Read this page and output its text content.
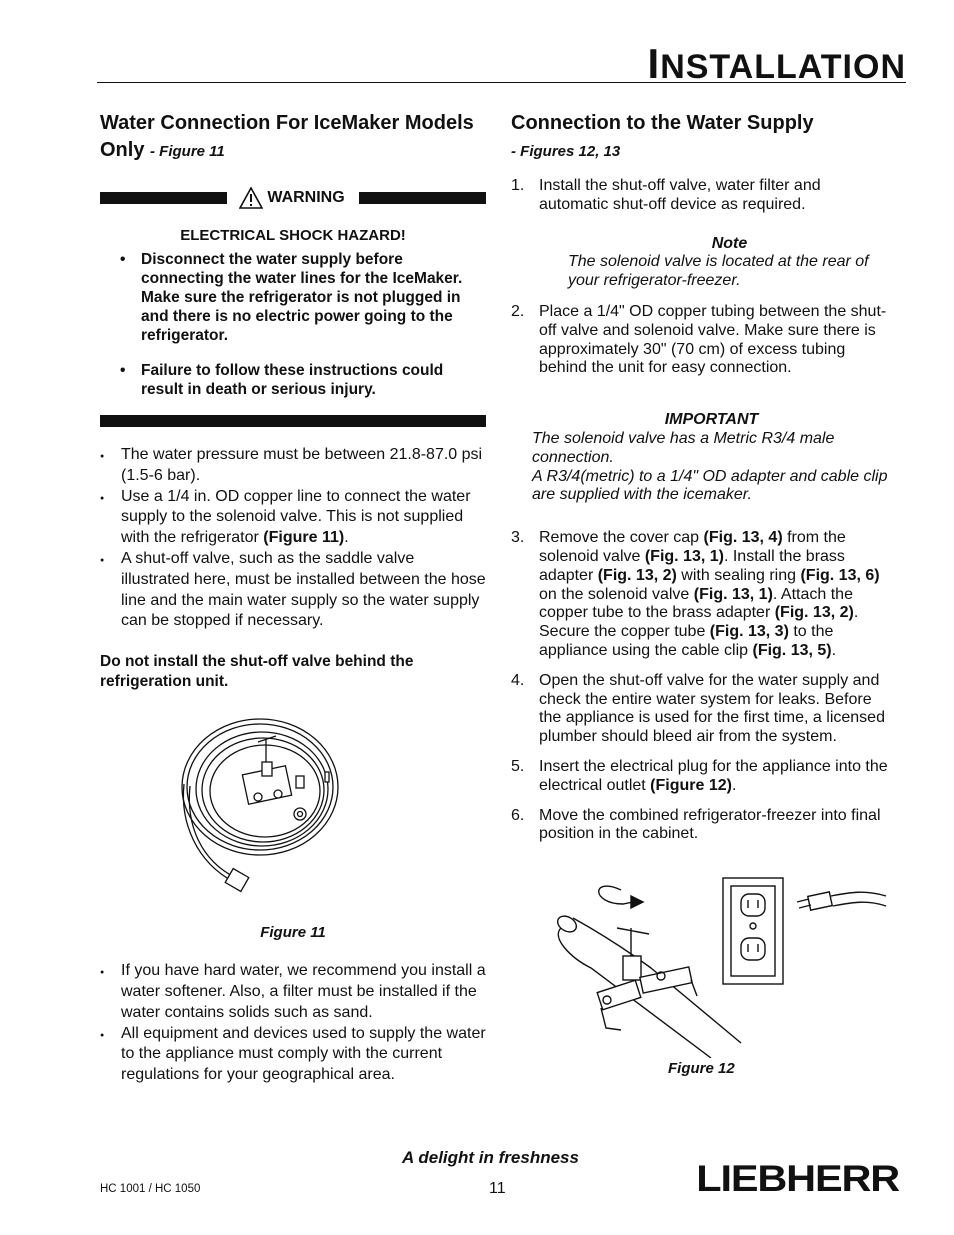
INSTALLATION
Water Connection For IceMaker Models Only - Figure 11
WARNING
ELECTRICAL SHOCK HAZARD!
• Disconnect the water supply before connecting the water lines for the IceMaker. Make sure the refrigerator is not plugged in and there is no electric power going to the refrigerator.
• Failure to follow these instructions could result in death or serious injury.
● The water pressure must be between 21.8-87.0 psi (1.5-6 bar).
● Use a 1/4 in. OD copper line to connect the water supply to the solenoid valve. This is not supplied with the refrigerator (Figure 11).
● A shut-off valve, such as the saddle valve illustrated here, must be installed between the hose line and the main water supply so the water supply can be stopped if necessary.

Do not install the shut-off valve behind the refrigeration unit.

Figure 11
● If you have hard water, we recommend you install a water softener. Also, a filter must be installed if the water contains solids such as sand.
● All equipment and devices used to supply the water to the appliance must comply with the current regulations for your geographical area.
Connection to the Water Supply
- Figures 12, 13
1. Install the shut-off valve, water filter and automatic shut-off device as required.
Note
The solenoid valve is located at the rear of your refrigerator-freezer.
2. Place a 1/4" OD copper tubing between the shut-off valve and solenoid valve. Make sure there is approximately 30" (70 cm) of excess tubing behind the unit for easy connection.
IMPORTANT
The solenoid valve has a Metric R3/4 male connection.
A R3/4(metric) to a 1/4" OD adapter and cable clip are supplied with the icemaker.
3. Remove the cover cap (Fig. 13, 4) from the solenoid valve (Fig. 13, 1). Install the brass adapter (Fig. 13, 2) with sealing ring (Fig. 13, 6) on the solenoid valve (Fig. 13, 1). Attach the copper tube to the brass adapter (Fig. 13, 2). Secure the copper tube (Fig. 13, 3) to the appliance using the cable clip (Fig. 13, 5).
4. Open the shut-off valve for the water supply and check the entire water system for leaks. Before the appliance is used for the first time, a licensed plumber should bleed air from the system.
5. Insert the electrical plug for the appliance into the electrical outlet (Figure 12).
6. Move the combined refrigerator-freezer into final position in the cabinet.
Figure 12
A delight in freshness
11
HC 1001 / HC 1050	LIEBHERR
